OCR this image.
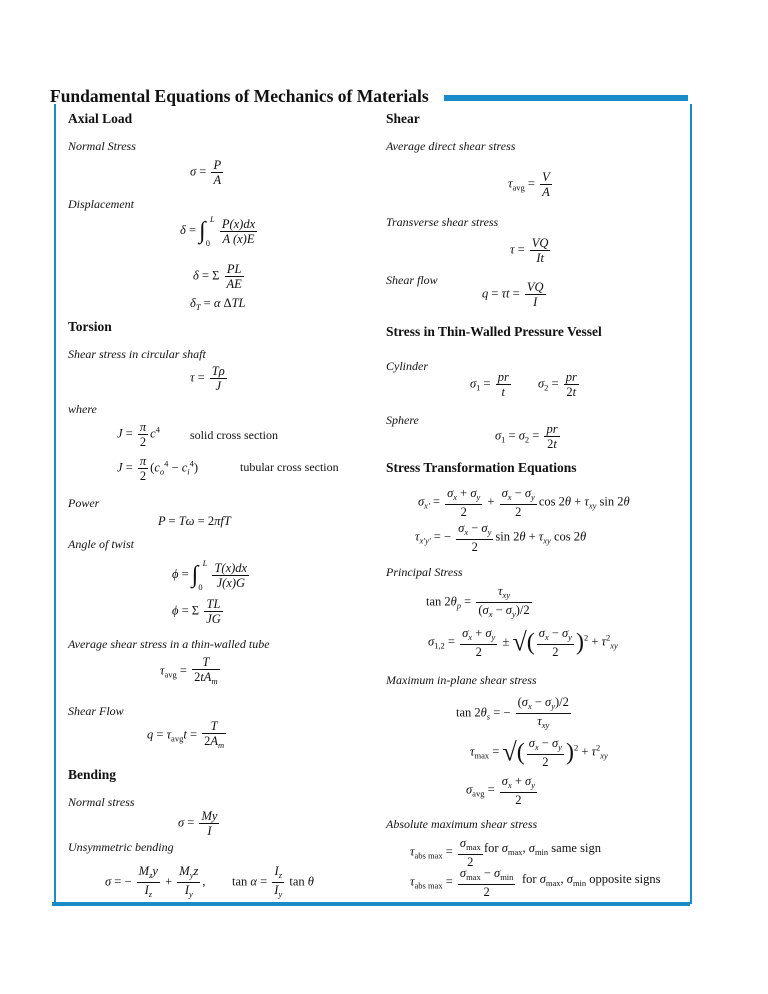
Fundamental Equations of Mechanics of Materials
Axial Load
Normal Stress
$\sigma = \frac{P}{A}$
Displacement
$\delta = \int_0^L \frac{P(x)dx}{A (x)E}$
δ = Σ $\frac{PL}{AE}$
$\delta_T = \alpha$ ΔTL
Torsion
Shear stress in circular shaft
$\tau = \frac{T\rho}{J}$
where
$J = \frac{\pi}{2} c^4$	solid cross section
$J = \frac{\pi}{2} (c_o^4 - c_i^4)$	tubular cross section
Power
P = Tω = 2πfT
Angle of twist
$\phi = \int_0^L \frac{T(x)dx}{J(x)G}$
ϕ = Σ $\frac{TL}{JG}$
Average shear stress in a thin-walled tube
$\tau_{avg}$ =
T
$2tA_m$
Shear Flow
$q = \tau_{avg}t = \frac{T}{2A_m}$
Bending
Normal stress
$\sigma = \frac{My}{I}$
Unsymmetric bending
σ = −
$M_zy$
$I_z$
+
$M_yz$
$I_y$
, $\tan \alpha = \frac{I_z}{I_y}$ tan θ
Shear
Average direct shear stress
$\tau_{avg} = \frac{V}{A}$
Transverse shear stress
$\tau = \frac{VQ}{It}$
Shear flow
$q = \tau t = \frac{VQ}{I}$
Stress in Thin-Walled Pressure Vessel
Cylinder
$\sigma_1 = \frac{pr}{t} \sigma_2 = \frac{pr}{2t}$
Sphere
$\sigma_1 = \sigma_2 = \frac{pr}{2t}$
Stress Transformation Equations
$\sigma_{x'} = \frac{\sigma_x + \sigma_y}{2} + \frac{\sigma_x - \sigma_y}{2}$ $\cos 2\theta + \tau_{xy}$ sin 2θ
$\tau_{x'y'}$ = − $\frac{\sigma_x - \sigma_y}{2}$ $\sin 2\theta + \tau_{xy}$ cos 2θ
Principal Stress
$\tan 2\theta_p$ =
$\tau_{xy}$
$(\sigma_x - \sigma_y)/2$
$\sigma_{1,2} = \frac{\sigma_x + \sigma_y}{2}$ ± √( $\frac{\sigma_x - \sigma_y}{2} )^2 + \tau^2_{xy}$
Maximum in-plane shear stress
$\tan 2\theta_s$ = −
$(\sigma_x - \sigma_y)/2$
$\tau_{xy}$
$\tau_{max}$ = √( $\frac{\sigma_x - \sigma_y}{2} )^2 + \tau^2_{xy}$
$\sigma_{avg} = \frac{\sigma_x + \sigma_y}{2}$
Absolute maximum shear stress
$\tau_{abs max}$ =
$\sigma_{max}$
2
for $\sigma_{max}$, $\sigma_{min}$ same sign
$\tau_{abs max}$ =
$\sigma_{max} - \sigma_{min}$
2
for $\sigma_{max}$, $\sigma_{min}$ opposite signs
